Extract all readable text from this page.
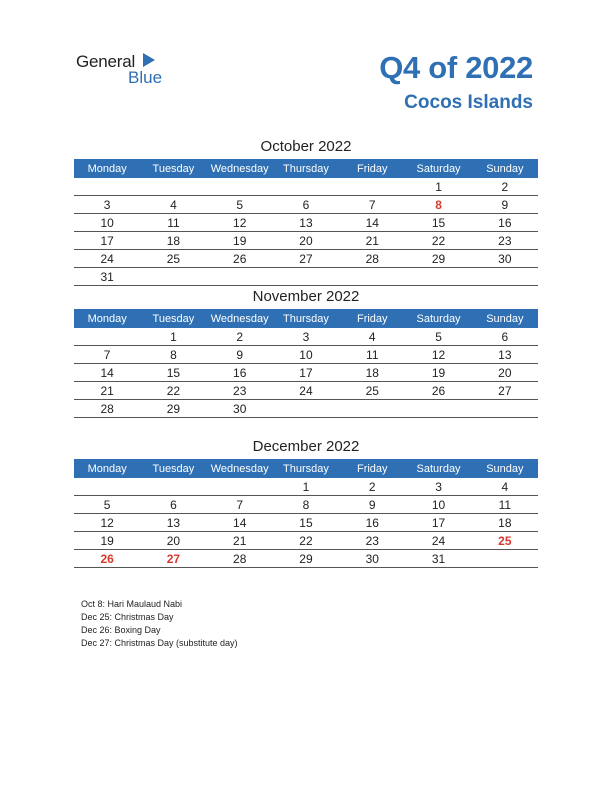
General
Blue	Q4 of 2022
Cocos Islands
October 2022
Monday	Tuesday	Wednesday	Thursday	Friday	Saturday	Sunday
					1	2
3	4	5	6	7	8	9
10	11	12	13	14	15	16
17	18	19	20	21	22	23
24	25	26	27	28	29	30
31						
November 2022
Monday	Tuesday	Wednesday	Thursday	Friday	Saturday	Sunday
	1	2	3	4	5	6
7	8	9	10	11	12	13
14	15	16	17	18	19	20
21	22	23	24	25	26	27
28	29	30				
December 2022
Monday	Tuesday	Wednesday	Thursday	Friday	Saturday	Sunday
			1	2	3	4
5	6	7	8	9	10	11
12	13	14	15	16	17	18
19	20	21	22	23	24	25
26	27	28	29	30	31	
Oct 8: Hari Maulaud Nabi
Dec 25: Christmas Day
Dec 26: Boxing Day
Dec 27: Christmas Day (substitute day)
